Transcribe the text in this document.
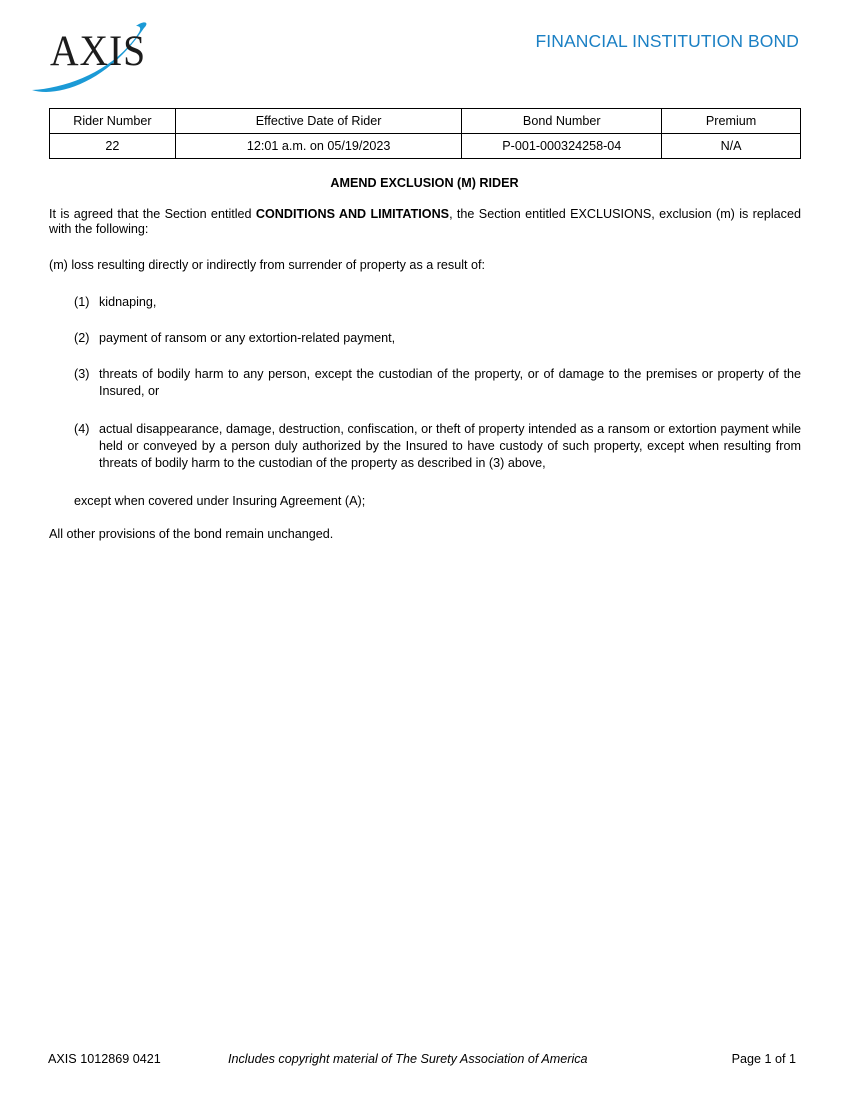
AXIS	FINANCIAL INSTITUTION BOND
Rider Number	Effective Date of Rider	Bond Number	Premium
22	12:01 a.m. on 05/19/2023	P-001-000324258-04	N/A
AMEND EXCLUSION (M) RIDER
It is agreed that the Section entitled CONDITIONS AND LIMITATIONS, the Section entitled EXCLUSIONS, exclusion (m) is replaced with the following:
(m) loss resulting directly or indirectly from surrender of property as a result of:
(1) kidnaping,
(2) payment of ransom or any extortion-related payment,
(3) threats of bodily harm to any person, except the custodian of the property, or of damage to the premises or property of the Insured, or
(4) actual disappearance, damage, destruction, confiscation, or theft of property intended as a ransom or extortion payment while held or conveyed by a person duly authorized by the Insured to have custody of such property, except when resulting from threats of bodily harm to the custodian of the property as described in (3) above,
except when covered under Insuring Agreement (A);
All other provisions of the bond remain unchanged.
AXIS 1012869 0421	Includes copyright material of The Surety Association of America	Page 1 of 1
